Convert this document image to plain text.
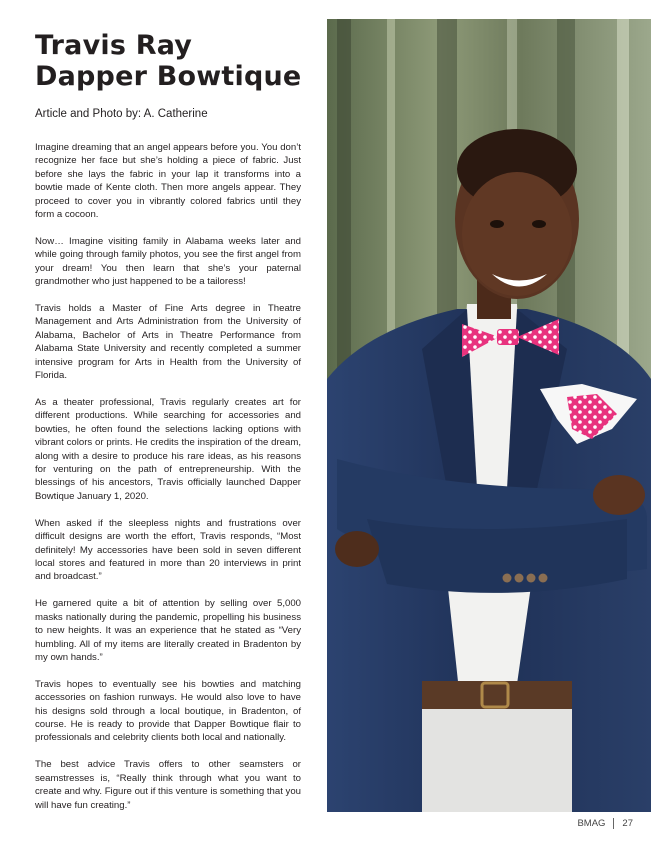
Travis Ray
Dapper Bowtique
Article and Photo by: A. Catherine

Imagine dreaming that an angel appears before you. You don’t recognize her face but she’s holding a piece of fabric. Just before she lays the fabric in your lap it transforms into a bowtie made of Kente cloth. Then more angels appear. They proceed to cover you in vibrantly colored fabrics until they form a cocoon.

Now… Imagine visiting family in Alabama weeks later and while going through family photos, you see the first angel from your dream! You then learn that she’s your paternal grandmother who just happened to be a tailoress!

Travis holds a Master of Fine Arts degree in Theatre Management and Arts Administration from the University of Alabama, Bachelor of Arts in Theatre Performance from Alabama State University and recently completed a summer intensive program for Arts in Health from the University of Florida.

As a theater professional, Travis regularly creates art for different productions. While searching for accessories and bowties, he often found the selections lacking options with vibrant colors or prints. He credits the inspiration of the dream, along with a desire to produce his rare ideas, as his reasons for venturing on the path of entrepreneurship. With the blessings of his ancestors, Travis officially launched Dapper Bowtique January 1, 2020.

When asked if the sleepless nights and frustrations over difficult designs are worth the effort, Travis responds, “Most definitely! My accessories have been sold in seven different local stores and featured in more than 20 interviews in print and broadcast.”

He garnered quite a bit of attention by selling over 5,000 masks nationally during the pandemic, propelling his business to new heights. It was an experience that he stated as “Very humbling. All of my items are literally created in Bradenton by my own hands.”

Travis hopes to eventually see his bowties and matching accessories on fashion runways. He would also love to have his designs sold through a local boutique, in Bradenton, of course. He is ready to provide that Dapper Bowtique flair to professionals and celebrity clients both local and nationally.

The best advice Travis offers to other seamsters or seamstresses is, “Really think through what you want to create and why. Figure out if this venture is something that you will have fun creating.”

BMAG 27
